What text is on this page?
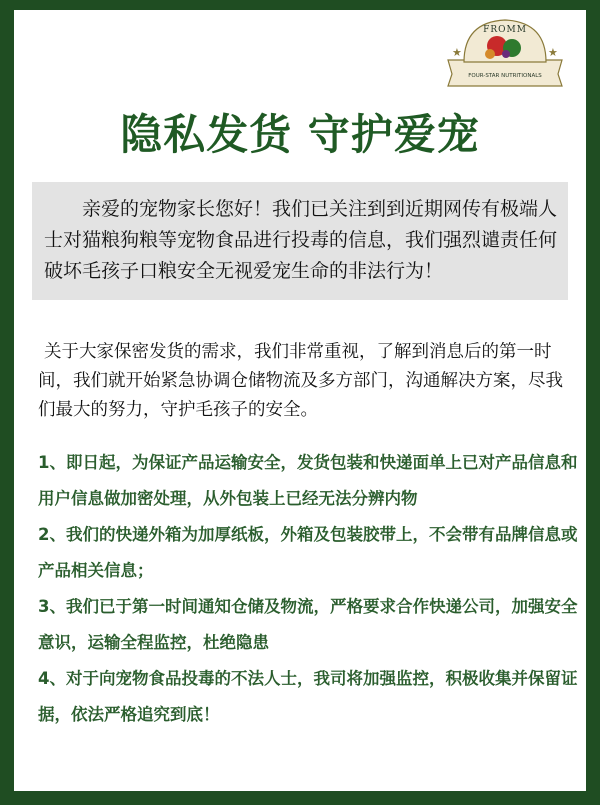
★	★
FROMM
FOUR-STAR NUTRITIONALS
隐私发货 守护爱宠

亲爱的宠物家长您好！我们已关注到到近期网传有极端人士对猫粮狗粮等宠物食品进行投毒的信息，我们强烈谴责任何破坏毛孩子口粮安全无视爱宠生命的非法行为！

关于大家保密发货的需求，我们非常重视，了解到消息后的第一时间，我们就开始紧急协调仓储物流及多方部门，沟通解决方案，尽我们最大的努力，守护毛孩子的安全。

1、即日起，为保证产品运输安全，发货包装和快递面单上已对产品信息和用户信息做加密处理，从外包装上已经无法分辨内物

2、我们的快递外箱为加厚纸板，外箱及包装胶带上，不会带有品牌信息或产品相关信息；

3、我们已于第一时间通知仓储及物流，严格要求合作快递公司，加强安全意识，运输全程监控，杜绝隐患

4、对于向宠物食品投毒的不法人士，我司将加强监控，积极收集并保留证据，依法严格追究到底！
